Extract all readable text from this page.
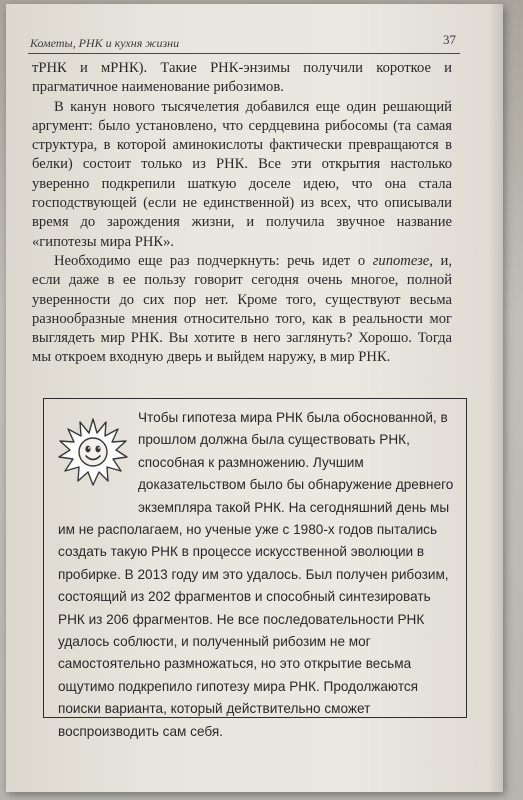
Кометы, РНК и кухня жизни	37

тРНК и мРНК). Такие РНК-энзимы получили короткое и прагматичное наименование рибозимов.

В канун нового тысячелетия добавился еще один решающий аргумент: было установлено, что сердцевина рибосомы (та самая структура, в которой аминокислоты фактически превращаются в белки) состоит только из РНК. Все эти открытия настолько уверенно подкрепили шаткую доселе идею, что она стала господствующей (если не единственной) из всех, что описывали время до зарождения жизни, и получила звучное название «гипотезы мира РНК».

Необходимо еще раз подчеркнуть: речь идет о гипотезе, и, если даже в ее пользу говорит сегодня очень многое, полной уверенности до сих пор нет. Кроме того, существуют весьма разнообразные мнения относительно того, как в реальности мог выглядеть мир РНК. Вы хотите в него заглянуть? Хорошо. Тогда мы откроем входную дверь и выйдем наружу, в мир РНК.

Чтобы гипотеза мира РНК была обоснованной, в прошлом должна была существовать РНК, способная к размножению. Лучшим доказательством было бы обнаружение древнего экземпляра такой РНК. На сегодняшний день мы им не располагаем, но ученые уже с 1980-х годов пытались создать такую РНК в процессе искусственной эволюции в пробирке. В 2013 году им это удалось. Был получен рибозим, состоящий из 202 фрагментов и способный синтезировать РНК из 206 фрагментов. Не все последовательности РНК удалось соблюсти, и полученный рибозим не мог самостоятельно размножаться, но это открытие весьма ощутимо подкрепило гипотезу мира РНК. Продолжаются поиски варианта, который действительно сможет воспроизводить сам себя.
